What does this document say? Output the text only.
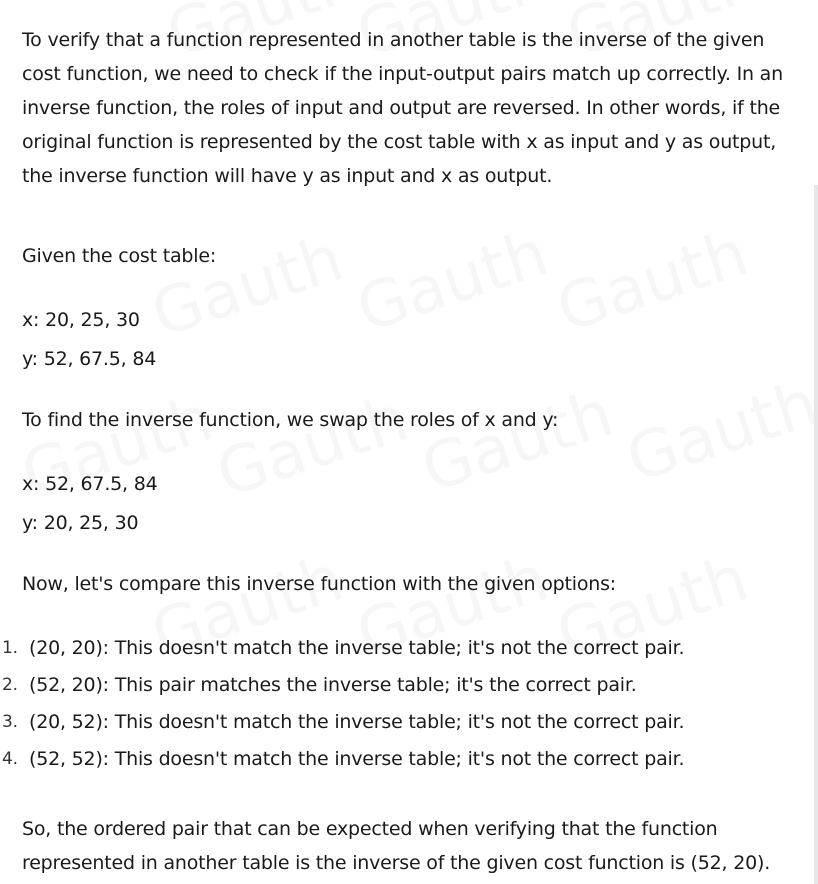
To verify that a function represented in another table is the inverse of the given cost function, we need to check if the input-output pairs match up correctly. In an inverse function, the roles of input and output are reversed. In other words, if the original function is represented by the cost table with x as input and y as output, the inverse function will have y as input and x as output.

Given the cost table:

x: 20, 25, 30

y: 52, 67.5, 84

To find the inverse function, we swap the roles of x and y:

x: 52, 67.5, 84

y: 20, 25, 30

Now, let's compare this inverse function with the given options:

1. (20, 20): This doesn't match the inverse table; it's not the correct pair.
2. (52, 20): This pair matches the inverse table; it's the correct pair.
3. (20, 52): This doesn't match the inverse table; it's not the correct pair.
4. (52, 52): This doesn't match the inverse table; it's not the correct pair.

So, the ordered pair that can be expected when verifying that the function represented in another table is the inverse of the given cost function is (52, 20).
